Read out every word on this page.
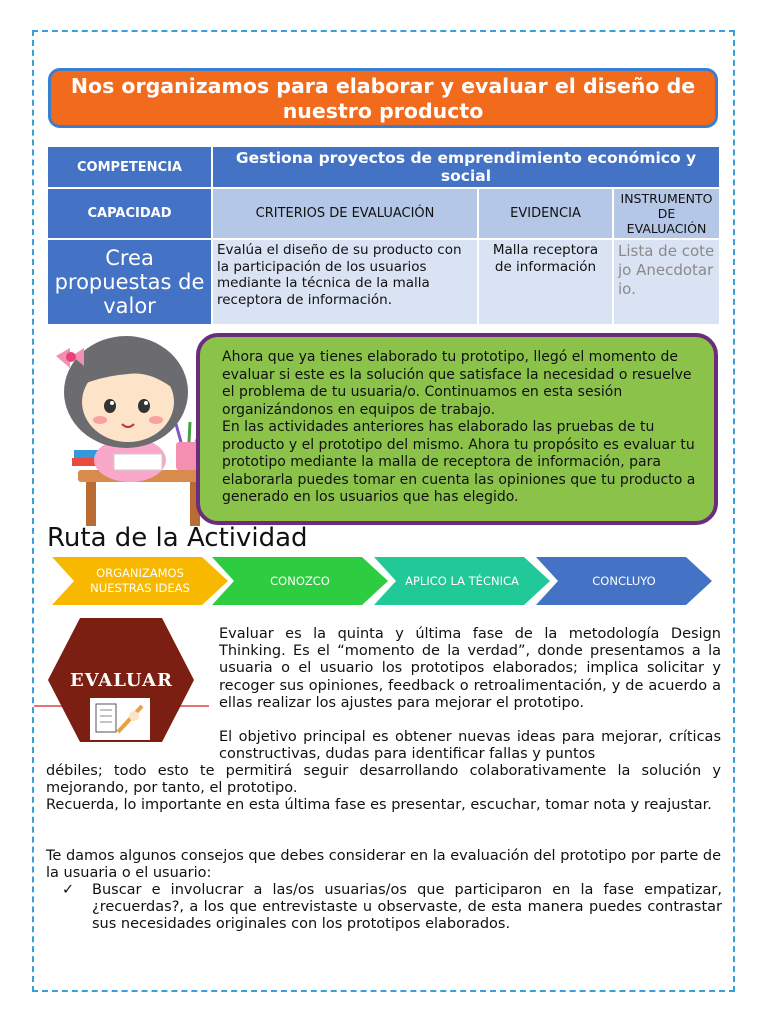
Nos organizamos para elaborar y evaluar el diseño de nuestro producto
COMPETENCIA	Gestiona proyectos de emprendimiento económico y social		
CAPACIDAD	CRITERIOS DE EVALUACIÓN	EVIDENCIA	INSTRUMENTO DE EVALUACIÓN
Crea propuestas de valor	Evalúa el diseño de su producto con la participación de los usuarios mediante la técnica de la malla receptora de información.	Malla receptora de información	Lista de cotejo Anecdotario.
Ahora que ya tienes elaborado tu prototipo, llegó el momento de evaluar si este es la solución que satisface la necesidad o resuelve el problema de tu usuaria/o. Continuamos en esta sesión organizándonos en equipos de trabajo.
En las actividades anteriores has elaborado las pruebas de tu producto y el prototipo del mismo. Ahora tu propósito es evaluar tu prototipo mediante la malla de receptora de información, para elaborarla puedes tomar en cuenta las opiniones que tu producto a generado en los usuarios que has elegido.
Ruta de la Actividad
ORGANIZAMOS NUESTRAS IDEAS
CONOZCO	APLICO LA TÉCNICA	CONCLUYO
EVALUAR
Evaluar es la quinta y última fase de la metodología Design Thinking. Es el “momento de la verdad”, donde presentamos a la usuaria o el usuario los prototipos elaborados; implica solicitar y recoger sus opiniones, feedback o retroalimentación, y de acuerdo a ellas realizar los ajustes para mejorar el prototipo.
El objetivo principal es obtener nuevas ideas para mejorar, críticas constructivas, dudas para identificar fallas y puntos
débiles; todo esto te permitirá seguir desarrollando colaborativamente la solución y mejorando, por tanto, el prototipo.
Recuerda, lo importante en esta última fase es presentar, escuchar, tomar nota y reajustar.
Te damos algunos consejos que debes considerar en la evaluación del prototipo por parte de la usuaria o el usuario:
✓	Buscar e involucrar a las/os usuarias/os que participaron en la fase empatizar, ¿recuerdas?, a los que entrevistaste u observaste, de esta manera puedes contrastar sus necesidades originales con los prototipos elaborados.
